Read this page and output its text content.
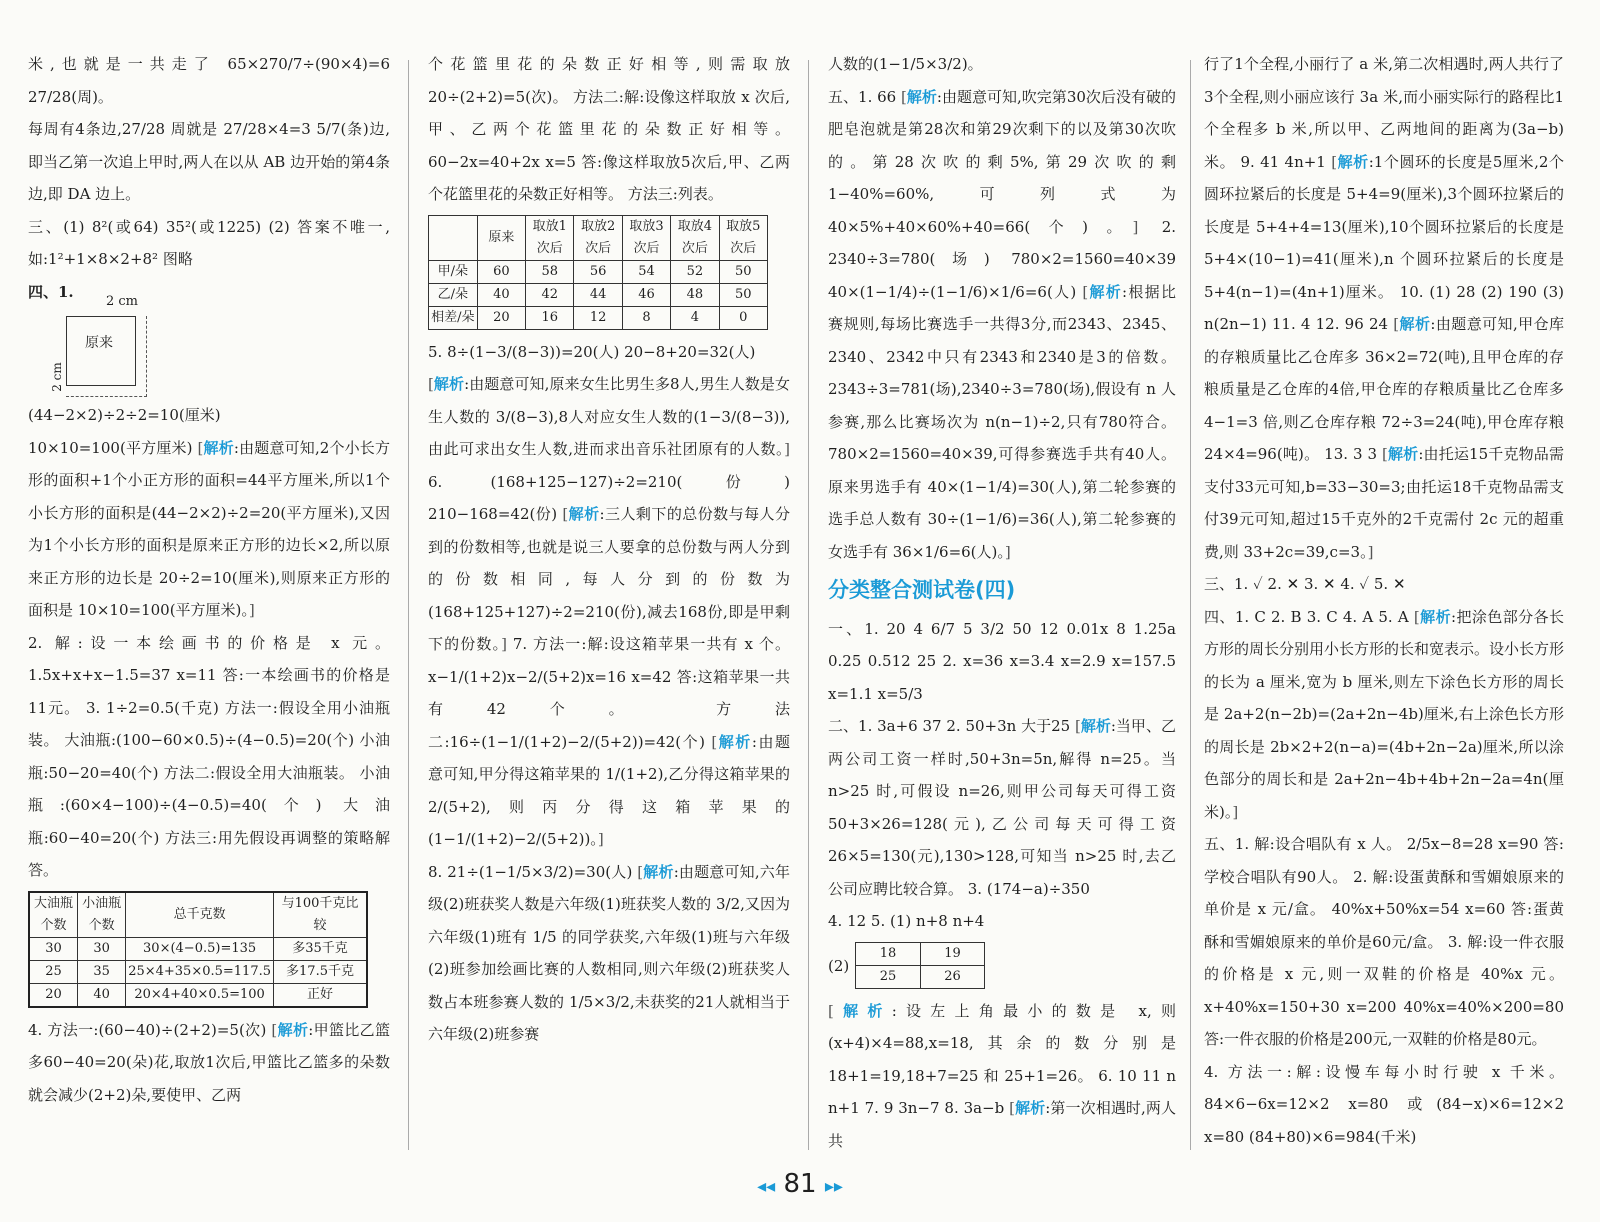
米,也就是一共走了 65×270/7÷(90×4)=6 27/28(周)。

每周有4条边,27/28 周就是 27/28×4=3 5/7(条)边,即当乙第一次追上甲时,两人在以从 AB 边开始的第4条边,即 DA 边上。

三、(1) 8²(或64) 35²(或1225) (2) 答案不唯一,如:1²+1×8×2+8² 图略

四、1.

原来
2 cm
2 cm

(44−2×2)÷2÷2=10(厘米)

10×10=100(平方厘米) [解析:由题意可知,2个小长方形的面积+1个小正方形的面积=44平方厘米,所以1个小长方形的面积是(44−2×2)÷2=20(平方厘米),又因为1个小长方形的面积是原来正方形的边长×2,所以原来正方形的边长是 20÷2=10(厘米),则原来正方形的面积是 10×10=100(平方厘米)。]

2. 解:设一本绘画书的价格是 x 元。 1.5x+x+x−1.5=37 x=11 答:一本绘画书的价格是11元。 3. 1÷2=0.5(千克) 方法一:假设全用小油瓶装。 大油瓶:(100−60×0.5)÷(4−0.5)=20(个) 小油瓶:50−20=40(个) 方法二:假设全用大油瓶装。 小油瓶:(60×4−100)÷(4−0.5)=40(个) 大油瓶:60−40=20(个) 方法三:用先假设再调整的策略解答。

大油瓶个数	小油瓶个数	总千克数	与100千克比较
30	30	30×(4−0.5)=135	多35千克
25	35	25×4+35×0.5=117.5	多17.5千克
20	40	20×4+40×0.5=100	正好

4. 方法一:(60−40)÷(2+2)=5(次) [解析:甲篮比乙篮多60−40=20(朵)花,取放1次后,甲篮比乙篮多的朵数就会减少(2+2)朵,要使甲、乙两

个花篮里花的朵数正好相等,则需取放 20÷(2+2)=5(次)。 方法二:解:设像这样取放 x 次后,甲、乙两个花篮里花的朵数正好相等。60−2x=40+2x x=5 答:像这样取放5次后,甲、乙两个花篮里花的朵数正好相等。 方法三:列表。

	原来	取放1次后	取放2次后	取放3次后	取放4次后	取放5次后
甲/朵	60	58	56	54	52	50
乙/朵	40	42	44	46	48	50
相差/朵	20	16	12	8	4	0

5. 8÷(1−3/(8−3))=20(人) 20−8+20=32(人)

[解析:由题意可知,原来女生比男生多8人,男生人数是女生人数的 3/(8−3),8人对应女生人数的(1−3/(8−3)),由此可求出女生人数,进而求出音乐社团原有的人数。] 6. (168+125−127)÷2=210(份) 210−168=42(份) [解析:三人剩下的总份数与每人分到的份数相等,也就是说三人要拿的总份数与两人分到的份数相同,每人分到的份数为(168+125+127)÷2=210(份),减去168份,即是甲剩下的份数。] 7. 方法一:解:设这箱苹果一共有 x 个。x−1/(1+2)x−2/(5+2)x=16 x=42 答:这箱苹果一共有42个。 方法二:16÷(1−1/(1+2)−2/(5+2))=42(个) [解析:由题意可知,甲分得这箱苹果的 1/(1+2),乙分得这箱苹果的 2/(5+2),则丙分得这箱苹果的(1−1/(1+2)−2/(5+2))。]

8. 21÷(1−1/5×3/2)=30(人) [解析:由题意可知,六年级(2)班获奖人数是六年级(1)班获奖人数的 3/2,又因为六年级(1)班有 1/5 的同学获奖,六年级(1)班与六年级(2)班参加绘画比赛的人数相同,则六年级(2)班获奖人数占本班参赛人数的 1/5×3/2,未获奖的21人就相当于六年级(2)班参赛

人数的(1−1/5×3/2)。

五、1. 66 [解析:由题意可知,吹完第30次后没有破的肥皂泡就是第28次和第29次剩下的以及第30次吹的。第28次吹的剩5%,第29次吹的剩1−40%=60%,可列式为 40×5%+40×60%+40=66(个)。] 2. 2340÷3=780(场) 780×2=1560=40×39 40×(1−1/4)÷(1−1/6)×1/6=6(人) [解析:根据比赛规则,每场比赛选手一共得3分,而2343、2345、2340、2342中只有2343和2340是3的倍数。2343÷3=781(场),2340÷3=780(场),假设有 n 人参赛,那么比赛场次为 n(n−1)÷2,只有780符合。780×2=1560=40×39,可得参赛选手共有40人。原来男选手有 40×(1−1/4)=30(人),第二轮参赛的选手总人数有 30÷(1−1/6)=36(人),第二轮参赛的女选手有 36×1/6=6(人)。]

分类整合测试卷(四)

一、1. 20 4 6/7 5 3/2 50 12 0.01x 8 1.25a 0.25 0.512 25 2. x=36 x=3.4 x=2.9 x=157.5 x=1.1 x=5/3

二、1. 3a+6 37 2. 50+3n 大于25 [解析:当甲、乙两公司工资一样时,50+3n=5n,解得 n=25。当 n>25 时,可假设 n=26,则甲公司每天可得工资 50+3×26=128(元),乙公司每天可得工资 26×5=130(元),130>128,可知当 n>25 时,去乙公司应聘比较合算。 3. (174−a)÷350

4. 12 5. (1) n+8 n+4

(2)
18	19
25	26

[解析:设左上角最小的数是 x,则(x+4)×4=88,x=18,其余的数分别是 18+1=19,18+7=25 和 25+1=26。 6. 10 11 n n+1 7. 9 3n−7 8. 3a−b [解析:第一次相遇时,两人共

行了1个全程,小丽行了 a 米,第二次相遇时,两人共行了3个全程,则小丽应该行 3a 米,而小丽实际行的路程比1个全程多 b 米,所以甲、乙两地间的距离为(3a−b)米。 9. 41 4n+1 [解析:1个圆环的长度是5厘米,2个圆环拉紧后的长度是 5+4=9(厘米),3个圆环拉紧后的长度是 5+4+4=13(厘米),10个圆环拉紧后的长度是 5+4×(10−1)=41(厘米),n 个圆环拉紧后的长度是 5+4(n−1)=(4n+1)厘米。 10. (1) 28 (2) 190 (3) n(2n−1) 11. 4 12. 96 24 [解析:由题意可知,甲仓库的存粮质量比乙仓库多 36×2=72(吨),且甲仓库的存粮质量是乙仓库的4倍,甲仓库的存粮质量比乙仓库多 4−1=3 倍,则乙仓库存粮 72÷3=24(吨),甲仓库存粮 24×4=96(吨)。 13. 3 3 [解析:由托运15千克物品需支付33元可知,b=33−30=3;由托运18千克物品需支付39元可知,超过15千克外的2千克需付 2c 元的超重费,则 33+2c=39,c=3。]

三、1. ✓ 2. ✕ 3. ✕ 4. ✓ 5. ✕

四、1. C 2. B 3. C 4. A 5. A [解析:把涂色部分各长方形的周长分别用小长方形的长和宽表示。设小长方形的长为 a 厘米,宽为 b 厘米,则左下涂色长方形的周长是 2a+2(n−2b)=(2a+2n−4b)厘米,右上涂色长方形的周长是 2b×2+2(n−a)=(4b+2n−2a)厘米,所以涂色部分的周长和是 2a+2n−4b+4b+2n−2a=4n(厘米)。]

五、1. 解:设合唱队有 x 人。 2/5x−8=28 x=90 答:学校合唱队有90人。 2. 解:设蛋黄酥和雪媚娘原来的单价是 x 元/盒。 40%x+50%x=54 x=60 答:蛋黄酥和雪媚娘原来的单价是60元/盒。 3. 解:设一件衣服的价格是 x 元,则一双鞋的价格是 40%x 元。 x+40%x=150+30 x=200 40%x=40%×200=80 答:一件衣服的价格是200元,一双鞋的价格是80元。

4. 方法一:解:设慢车每小时行驶 x 千米。84×6−6x=12×2 x=80 或(84−x)×6=12×2 x=80 (84+80)×6=984(千米)

◂◂ 81 ▸▸
